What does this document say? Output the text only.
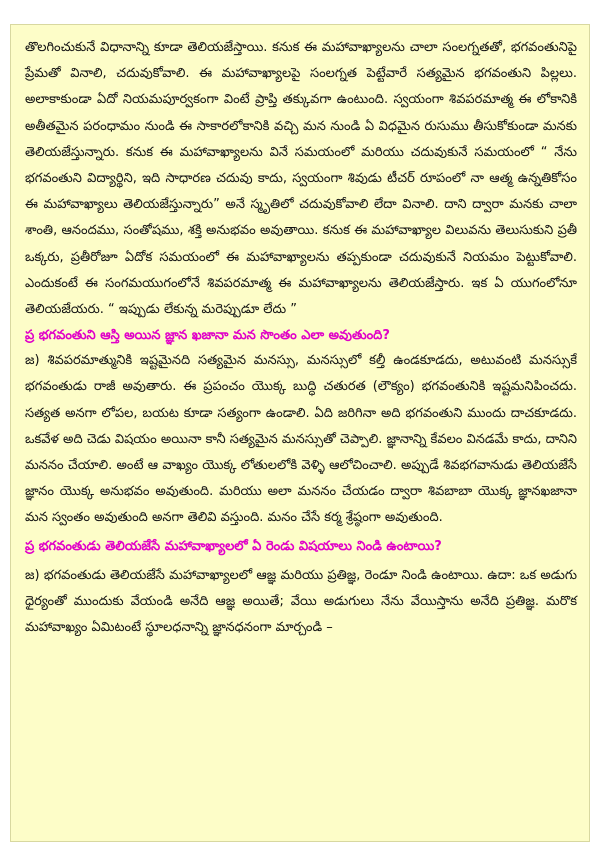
తొలగించుకునే విధానాన్ని కూడా తెలియజేస్తాయి. కనుక ఈ మహావాఖ్యాలను చాలా సంలగ్నతతో, భగవంతునిపై ప్రేమతో వినాలి, చదువుకోవాలి. ఈ మహావాఖ్యాలపై సంలగ్నత పెట్టేవారే సత్యమైన భగవంతుని పిల్లలు. అలాకాకుండా ఏదో నియమపూర్వకంగా వింటే ప్రాప్తి తక్కువగా ఉంటుంది. స్వయంగా శివపరమాత్మ ఈ లోకానికి అతీతమైన పరంధామం నుండి ఈ సాకారలోకానికి వచ్చి మన నుండి ఏ విధమైన రుసుము తీసుకోకుండా మనకు తెలియజేస్తున్నారు. కనుక ఈ మహావాఖ్యాలను వినే సమయంలో మరియు చదువుకునే సమయంలో “ నేను భగవంతుని విద్యార్థిని, ఇది సాధారణ చదువు కాదు, స్వయంగా శివుడు టీచర్ రూపంలో నా ఆత్మ ఉన్నతికోసం ఈ మహావాఖ్యాలు తెలియజేస్తున్నారు” అనే స్మృతిలో చదువుకోవాలి లేదా వినాలి. దాని ద్వారా మనకు చాలా శాంతి, ఆనందము, సంతోషము, శక్తి అనుభవం అవుతాయి. కనుక ఈ మహావాఖ్యాల విలువను తెలుసుకుని ప్రతీ ఒక్కరు, ప్రతీరోజూ ఏదోక సమయంలో ఈ మహావాఖ్యాలను తప్పకుండా చదువుకునే నియమం పెట్టుకోవాలి. ఎందుకంటే ఈ సంగమయుగంలోనే శివపరమాత్మ ఈ మహావాఖ్యాలను తెలియజేస్తారు. ఇక ఏ యుగంలోనూ తెలియజేయరు. “ ఇప్పుడు లేకున్న మరెప్పుడూ లేదు ”

ప్ర భగవంతుని ఆస్తి అయిన జ్ఞాన ఖజానా మన సొంతం ఎలా అవుతుంది?

జ) శివపరమాత్మునికి ఇష్టమైనది సత్యమైన మనస్సు, మనస్సులో కల్తీ ఉండకూడదు, అటువంటి మనస్సుకే భగవంతుడు రాజీ అవుతారు. ఈ ప్రపంచం యొక్క బుద్ధి చతురత (లౌక్యం) భగవంతునికి ఇష్టమనిపించదు. సత్యత అనగా లోపల, బయట కూడా సత్యంగా ఉండాలి. ఏది జరిగినా అది భగవంతుని ముందు దాచకూడదు. ఒకవేళ అది చెడు విషయం అయినా కానీ సత్యమైన మనస్సుతో చెప్పాలి. జ్ఞానాన్ని కేవలం వినడమే కాదు, దానిని మననం చేయాలి. అంటే ఆ వాఖ్యం యొక్క లోతులలోకి వెళ్ళి ఆలోచించాలి. అప్పుడే శివభగవానుడు తెలియజేసే జ్ఞానం యొక్క అనుభవం అవుతుంది. మరియు అలా మననం చేయడం ద్వారా శివబాబా యొక్క జ్ఞానఖజానా మన స్వంతం అవుతుంది అనగా తెలివి వస్తుంది. మనం చేసే కర్మ శ్రేష్ఠంగా అవుతుంది.

ప్ర భగవంతుడు తెలియజేసే మహావాఖ్యాలలో ఏ రెండు విషయాలు నిండి ఉంటాయి?

జ) భగవంతుడు తెలియజేసే మహావాఖ్యాలలో ఆజ్ఞ మరియు ప్రతిజ్ఞ, రెండూ నిండి ఉంటాయి. ఉదా: ఒక అడుగు ధైర్యంతో ముందుకు వేయండి అనేది ఆజ్ఞ అయితే; వేయి అడుగులు నేను వేయిస్తాను అనేది ప్రతిజ్ఞ. మరొక మహావాఖ్యం ఏమిటంటే స్థూలధనాన్ని జ్ఞానధనంగా మార్చండి –
